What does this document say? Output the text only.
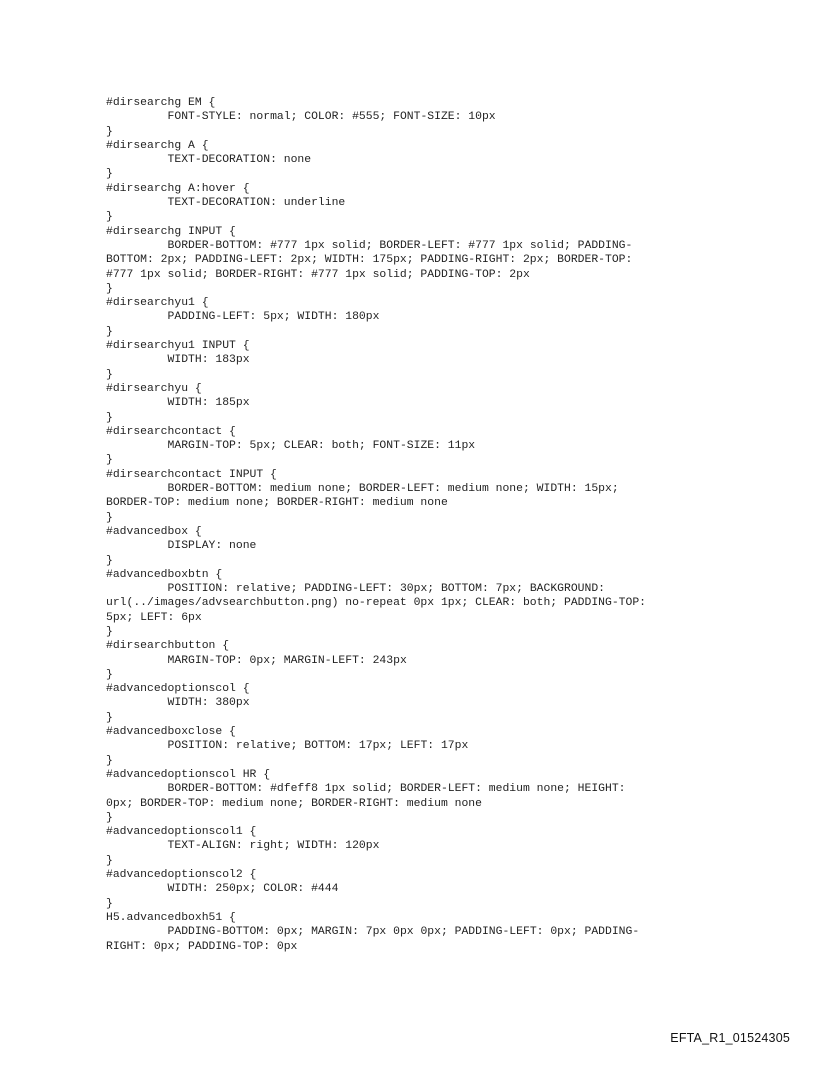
#dirsearchg EM {
	FONT-STYLE: normal; COLOR: #555; FONT-SIZE: 10px
}
#dirsearchg A {
	TEXT-DECORATION: none
}
#dirsearchg A:hover {
	TEXT-DECORATION: underline
}
#dirsearchg INPUT {
	BORDER-BOTTOM: #777 1px solid; BORDER-LEFT: #777 1px solid; PADDING-
BOTTOM: 2px; PADDING-LEFT: 2px; WIDTH: 175px; PADDING-RIGHT: 2px; BORDER-TOP:
#777 1px solid; BORDER-RIGHT: #777 1px solid; PADDING-TOP: 2px
}
#dirsearchyu1 {
	PADDING-LEFT: 5px; WIDTH: 180px
}
#dirsearchyu1 INPUT {
	WIDTH: 183px
}
#dirsearchyu {
	WIDTH: 185px
}
#dirsearchcontact {
	MARGIN-TOP: 5px; CLEAR: both; FONT-SIZE: 11px
}
#dirsearchcontact INPUT {
	BORDER-BOTTOM: medium none; BORDER-LEFT: medium none; WIDTH: 15px;
BORDER-TOP: medium none; BORDER-RIGHT: medium none
}
#advancedbox {
	DISPLAY: none
}
#advancedboxbtn {
	POSITION: relative; PADDING-LEFT: 30px; BOTTOM: 7px; BACKGROUND:
url(../images/advsearchbutton.png) no-repeat 0px 1px; CLEAR: both; PADDING-TOP:
5px; LEFT: 6px
}
#dirsearchbutton {
	MARGIN-TOP: 0px; MARGIN-LEFT: 243px
}
#advancedoptionscol {
	WIDTH: 380px
}
#advancedboxclose {
	POSITION: relative; BOTTOM: 17px; LEFT: 17px
}
#advancedoptionscol HR {
	BORDER-BOTTOM: #dfeff8 1px solid; BORDER-LEFT: medium none; HEIGHT:
0px; BORDER-TOP: medium none; BORDER-RIGHT: medium none
}
#advancedoptionscol1 {
	TEXT-ALIGN: right; WIDTH: 120px
}
#advancedoptionscol2 {
	WIDTH: 250px; COLOR: #444
}
H5.advancedboxh51 {
	PADDING-BOTTOM: 0px; MARGIN: 7px 0px 0px; PADDING-LEFT: 0px; PADDING-
RIGHT: 0px; PADDING-TOP: 0px
EFTA_R1_01524305
